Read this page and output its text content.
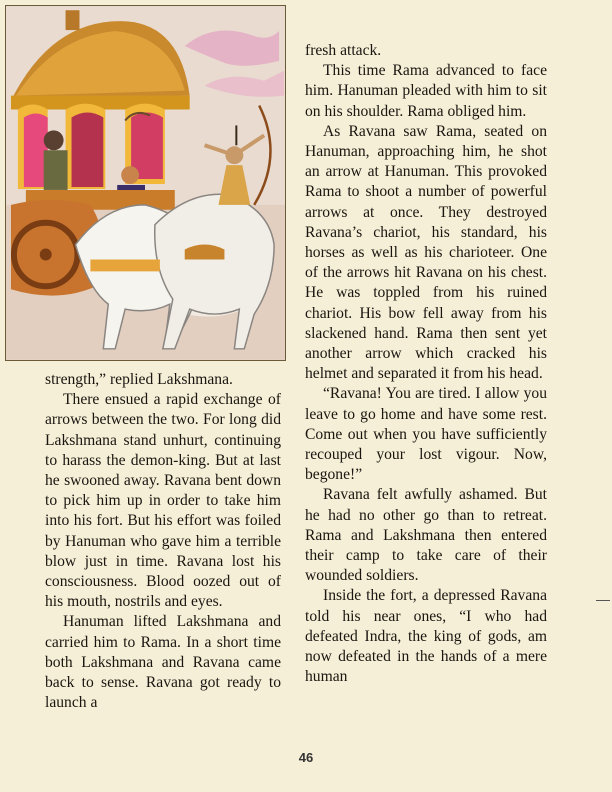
strength,” replied Lakshmana.

There ensued a rapid exchange of arrows between the two. For long did Lakshmana stand unhurt, continuing to harass the demon-king. But at last he swooned away. Ravana bent down to pick him up in order to take him into his fort. But his effort was foiled by Hanuman who gave him a terrible blow just in time. Ravana lost his consciousness. Blood oozed out of his mouth, nostrils and eyes.

Hanuman lifted Lakshmana and carried him to Rama. In a short time both Lakshmana and Ravana came back to sense. Ravana got ready to launch a

fresh attack.

This time Rama advanced to face him. Hanuman pleaded with him to sit on his shoulder. Rama obliged him.

As Ravana saw Rama, seated on Hanuman, approaching him, he shot an arrow at Hanuman. This provoked Rama to shoot a number of powerful arrows at once. They destroyed Ravana’s chariot, his standard, his horses as well as his charioteer. One of the arrows hit Ravana on his chest. He was toppled from his ruined chariot. His bow fell away from his slackened hand. Rama then sent yet another arrow which cracked his helmet and separated it from his head.

“Ravana! You are tired. I allow you leave to go home and have some rest. Come out when you have sufficiently recouped your lost vigour. Now, begone!”

Ravana felt awfully ashamed. But he had no other go than to retreat. Rama and Lakshmana then entered their camp to take care of their wounded soldiers.

Inside the fort, a depressed Ravana told his near ones, “I who had defeated Indra, the king of gods, am now defeated in the hands of a mere human

46
